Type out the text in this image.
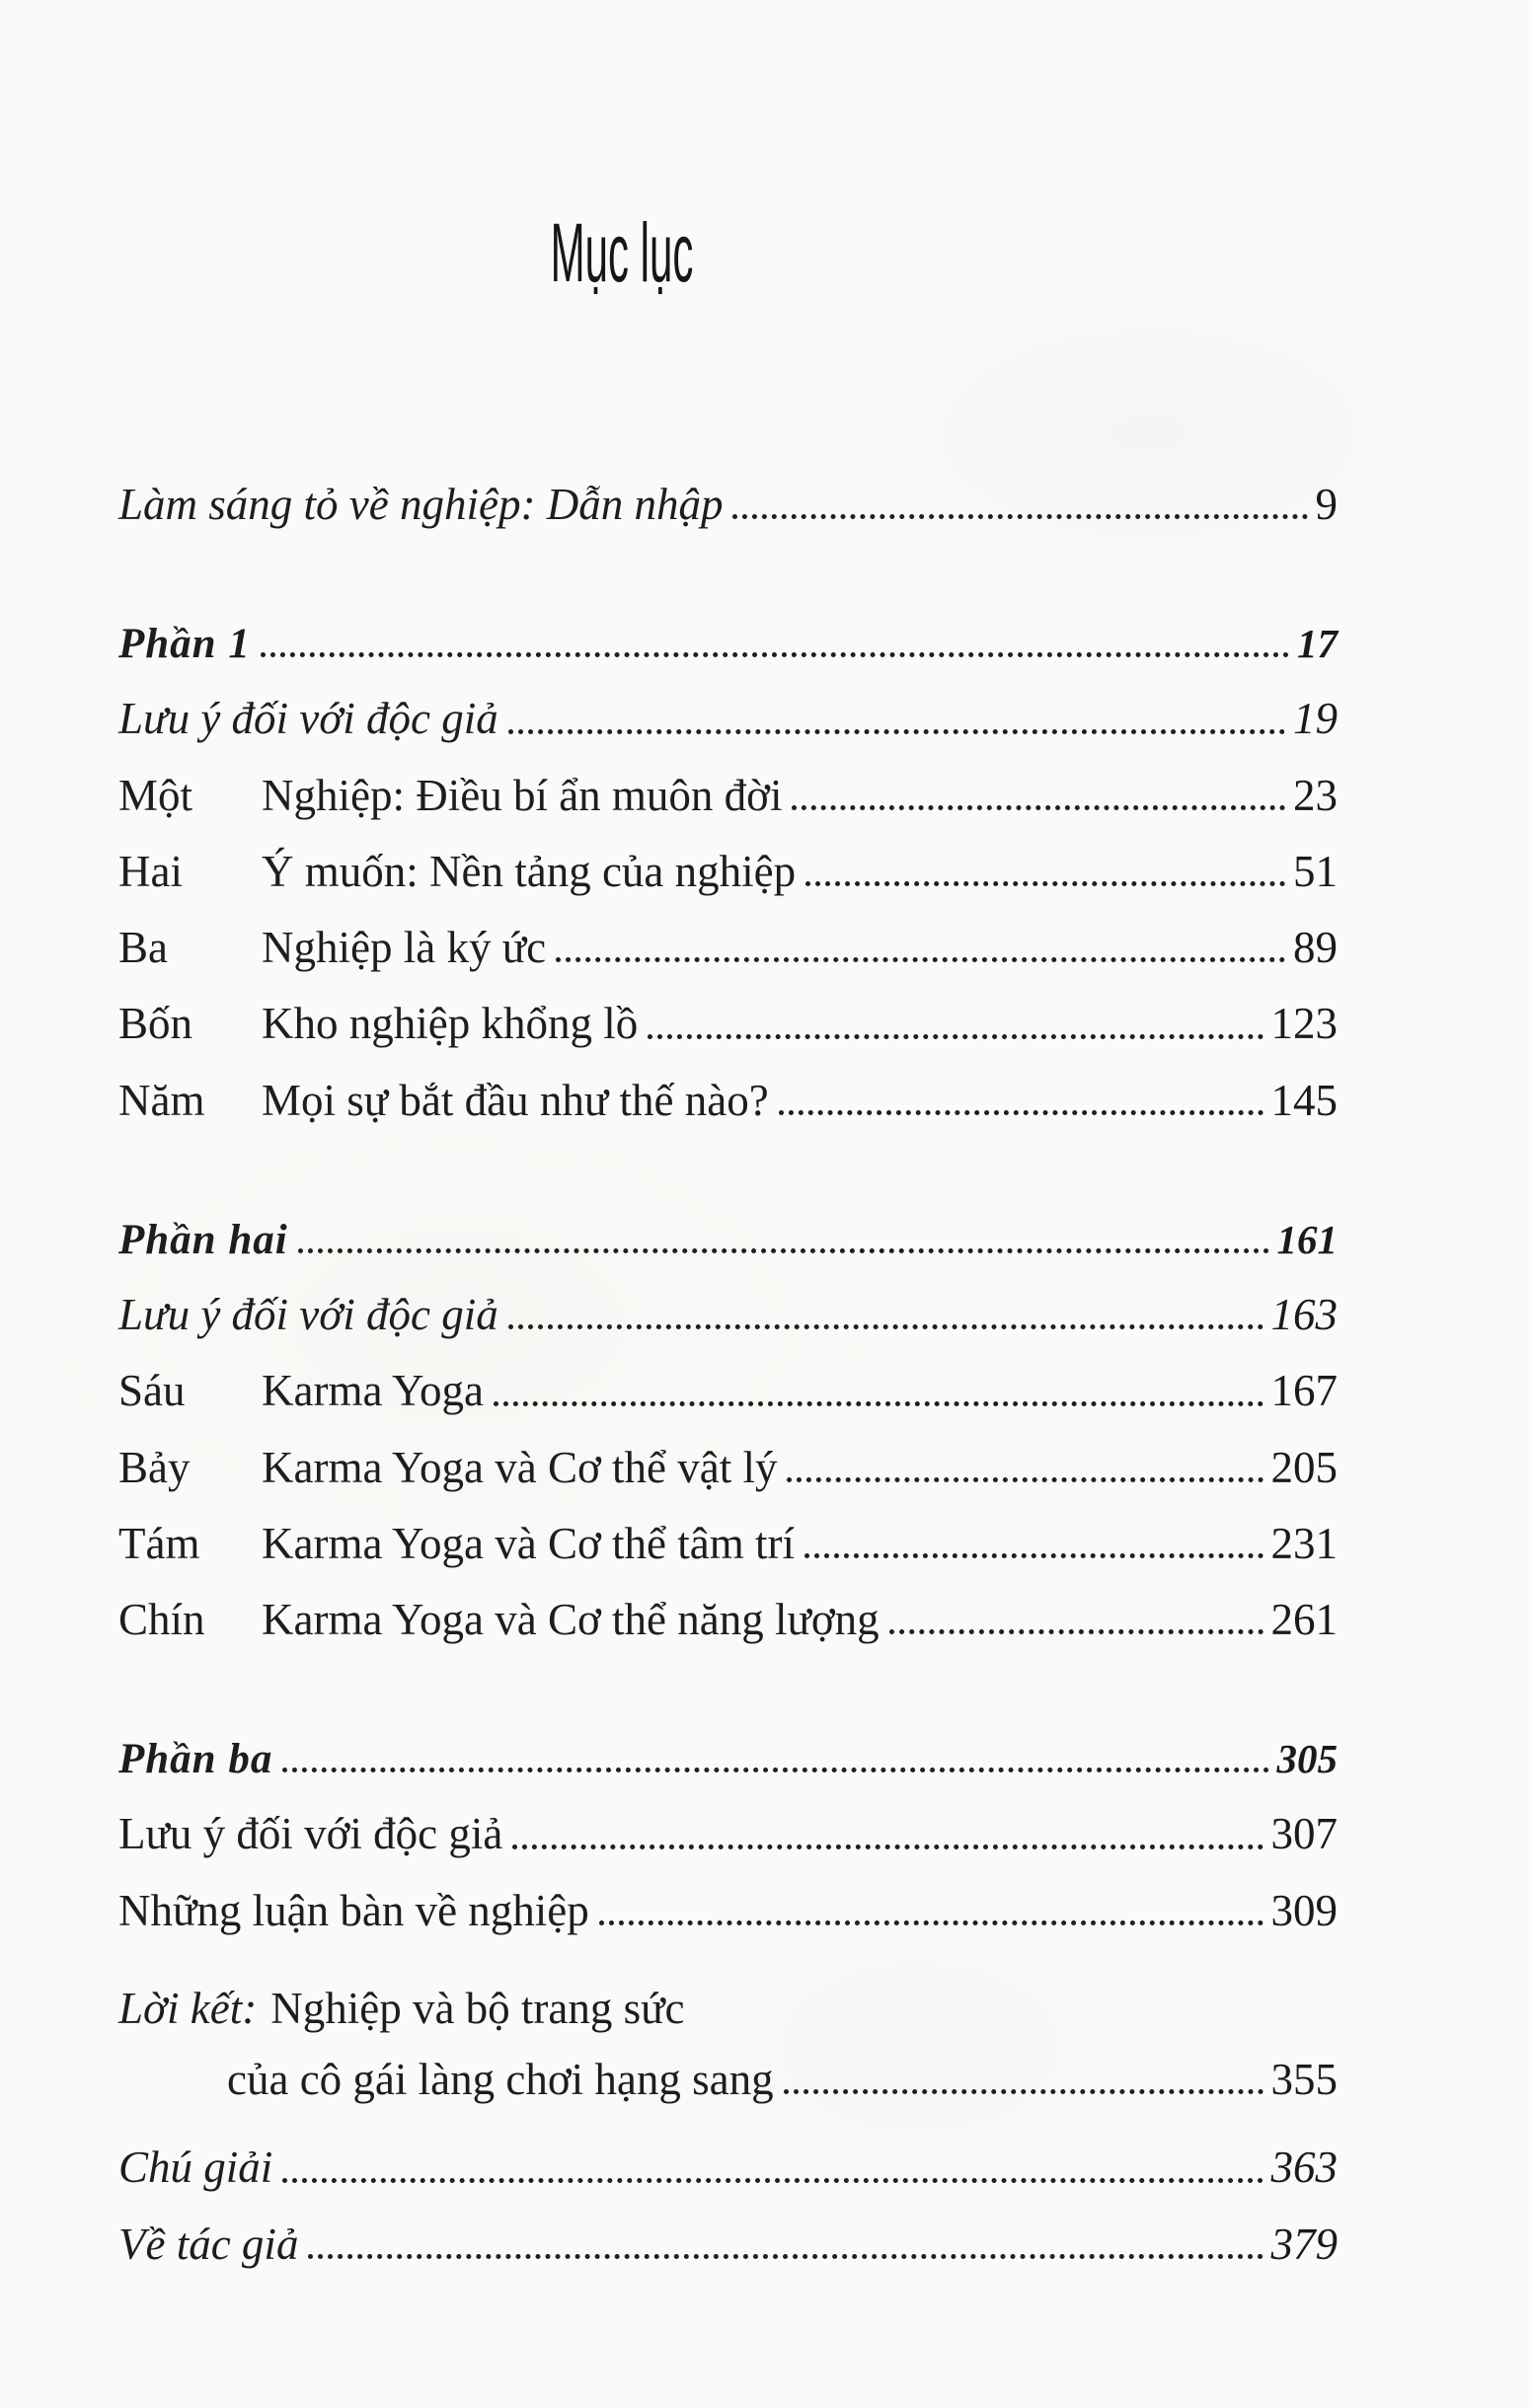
Mục lục
Làm sáng tỏ về nghiệp: Dẫn nhập	9
Phần 1	17
Lưu ý đối với độc giả	19
Một	Nghiệp: Điều bí ẩn muôn đời	23
Hai	Ý muốn: Nền tảng của nghiệp	51
Ba	Nghiệp là ký ức	89
Bốn	Kho nghiệp khổng lồ	123
Năm	Mọi sự bắt đầu như thế nào?	145
Phần hai	161
Lưu ý đối với độc giả	163
Sáu	Karma Yoga	167
Bảy	Karma Yoga và Cơ thể vật lý	205
Tám	Karma Yoga và Cơ thể tâm trí	231
Chín	Karma Yoga và Cơ thể năng lượng	261
Phần ba	305
Lưu ý đối với độc giả	307
Những luận bàn về nghiệp	309
Lời kết: Nghiệp và bộ trang sức
của cô gái làng chơi hạng sang	355
Chú giải	363
Về tác giả	379
